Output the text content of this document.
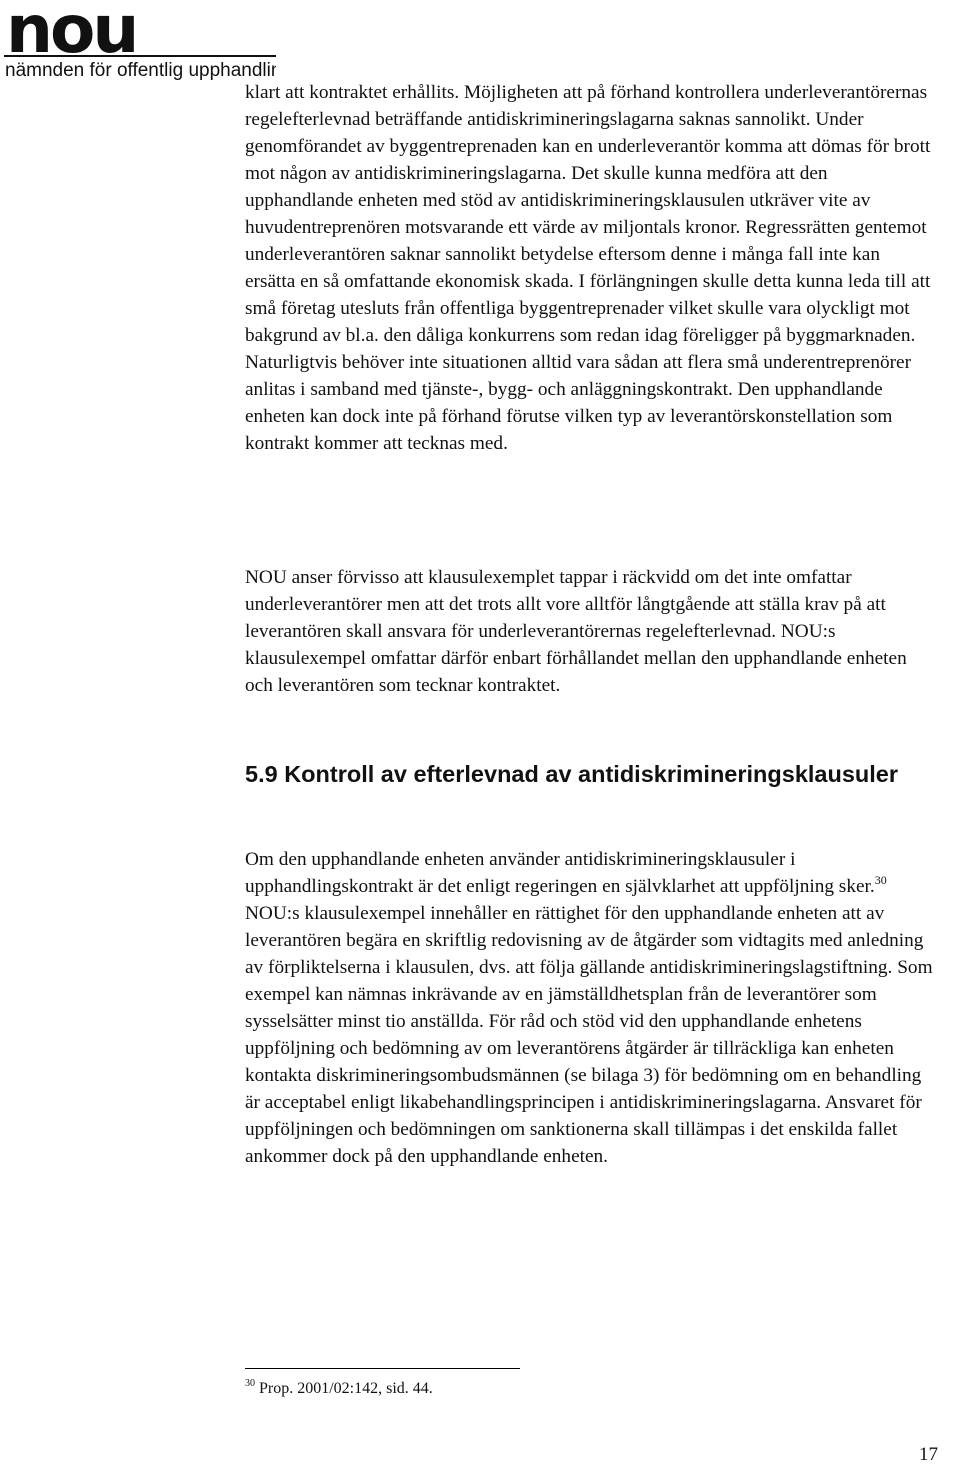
nou
nämnden för offentlig upphandling

klart att kontraktet erhållits. Möjligheten att på förhand kontrollera underleverantörernas regelefterlevnad beträffande antidiskrimineringslagarna saknas sannolikt. Under genomförandet av byggentreprenaden kan en underleverantör komma att dömas för brott mot någon av antidiskrimineringslagarna. Det skulle kunna medföra att den upphandlande enheten med stöd av antidiskrimineringsklausulen utkräver vite av huvudentreprenören motsvarande ett värde av miljontals kronor. Regressrätten gentemot underleverantören saknar sannolikt betydelse eftersom denne i många fall inte kan ersätta en så omfattande ekonomisk skada. I förlängningen skulle detta kunna leda till att små företag utesluts från offentliga byggentreprenader vilket skulle vara olyckligt mot bakgrund av bl.a. den dåliga konkurrens som redan idag föreligger på byggmarknaden. Naturligtvis behöver inte situationen alltid vara sådan att flera små underentreprenörer anlitas i samband med tjänste-, bygg- och anläggningskontrakt. Den upphandlande enheten kan dock inte på förhand förutse vilken typ av leverantörskonstellation som kontrakt kommer att tecknas med.

NOU anser förvisso att klausulexemplet tappar i räckvidd om det inte omfattar underleverantörer men att det trots allt vore alltför långtgående att ställa krav på att leverantören skall ansvara för underleverantörernas regelefterlevnad. NOU:s klausulexempel omfattar därför enbart förhållandet mellan den upphandlande enheten och leverantören som tecknar kontraktet.

5.9 Kontroll av efterlevnad av antidiskrimineringsklausuler

Om den upphandlande enheten använder antidiskrimineringsklausuler i upphandlingskontrakt är det enligt regeringen en självklarhet att uppföljning sker.$^{30}$ NOU:s klausulexempel innehåller en rättighet för den upphandlande enheten att av leverantören begära en skriftlig redovisning av de åtgärder som vidtagits med anledning av förpliktelserna i klausulen, dvs. att följa gällande antidiskrimineringslagstiftning. Som exempel kan nämnas inkrävande av en jämställdhetsplan från de leverantörer som sysselsätter minst tio anställda. För råd och stöd vid den upphandlande enhetens uppföljning och bedömning av om leverantörens åtgärder är tillräckliga kan enheten kontakta diskrimineringsombudsmännen (se bilaga 3) för bedömning om en behandling är acceptabel enligt likabehandlingsprincipen i antidiskrimineringslagarna. Ansvaret för uppföljningen och bedömningen om sanktionerna skall tillämpas i det enskilda fallet ankommer dock på den upphandlande enheten.

$^{30}$ Prop. 2001/02:142, sid. 44.
17
